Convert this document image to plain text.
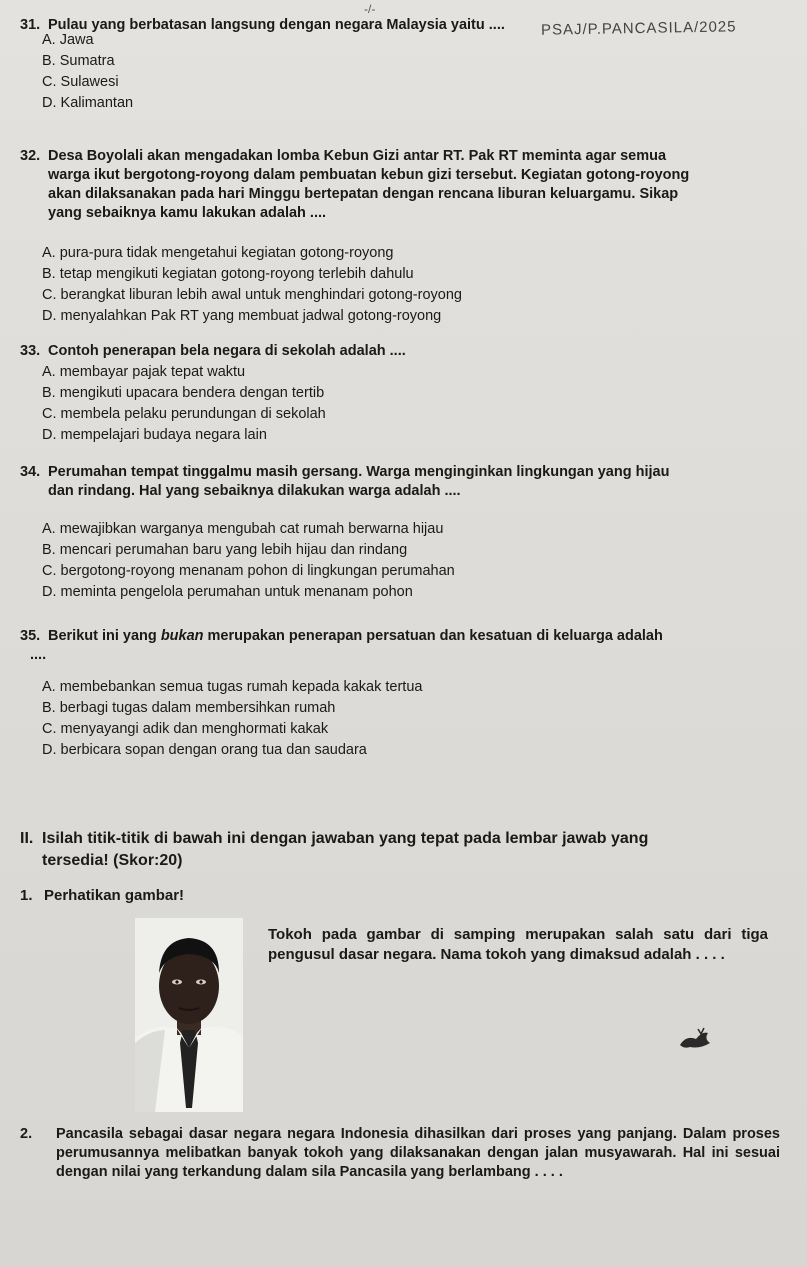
-/-
PSAJ/P.PANCASILA/2025
31. Pulau yang berbatasan langsung dengan negara Malaysia yaitu ....
A. Jawa
B. Sumatra
C. Sulawesi
D. Kalimantan
32. Desa Boyolali akan mengadakan lomba Kebun Gizi antar RT. Pak RT meminta agar semua
warga ikut bergotong-royong dalam pembuatan kebun gizi tersebut. Kegiatan gotong-royong
akan dilaksanakan pada hari Minggu bertepatan dengan rencana liburan keluargamu. Sikap
yang sebaiknya kamu lakukan adalah ....
A. pura-pura tidak mengetahui kegiatan gotong-royong
B. tetap mengikuti kegiatan gotong-royong terlebih dahulu
C. berangkat liburan lebih awal untuk menghindari gotong-royong
D. menyalahkan Pak RT yang membuat jadwal gotong-royong
33. Contoh penerapan bela negara di sekolah adalah ....
A. membayar pajak tepat waktu
B. mengikuti upacara bendera dengan tertib
C. membela pelaku perundungan di sekolah
D. mempelajari budaya negara lain
34. Perumahan tempat tinggalmu masih gersang. Warga menginginkan lingkungan yang hijau
dan rindang. Hal yang sebaiknya dilakukan warga adalah ....
A. mewajibkan warganya mengubah cat rumah berwarna hijau
B. mencari perumahan baru yang lebih hijau dan rindang
C. bergotong-royong menanam pohon di lingkungan perumahan
D. meminta pengelola perumahan untuk menanam pohon
35. Berikut ini yang bukan merupakan penerapan persatuan dan kesatuan di keluarga adalah
....
A. membebankan semua tugas rumah kepada kakak tertua
B. berbagi tugas dalam membersihkan rumah
C. menyayangi adik dan menghormati kakak
D. berbicara sopan dengan orang tua dan saudara
II. Isilah titik-titik di bawah ini dengan jawaban yang tepat pada lembar jawab yang
tersedia! (Skor:20)
1. Perhatikan gambar!
Tokoh pada gambar di samping merupakan salah satu dari tiga pengusul dasar negara. Nama tokoh yang dimaksud adalah . . . .
2. Pancasila sebagai dasar negara negara Indonesia dihasilkan dari proses yang panjang. Dalam proses perumusannya melibatkan banyak tokoh yang dilaksanakan dengan jalan musyawarah. Hal ini sesuai dengan nilai yang terkandung dalam sila Pancasila yang berlambang . . . .
